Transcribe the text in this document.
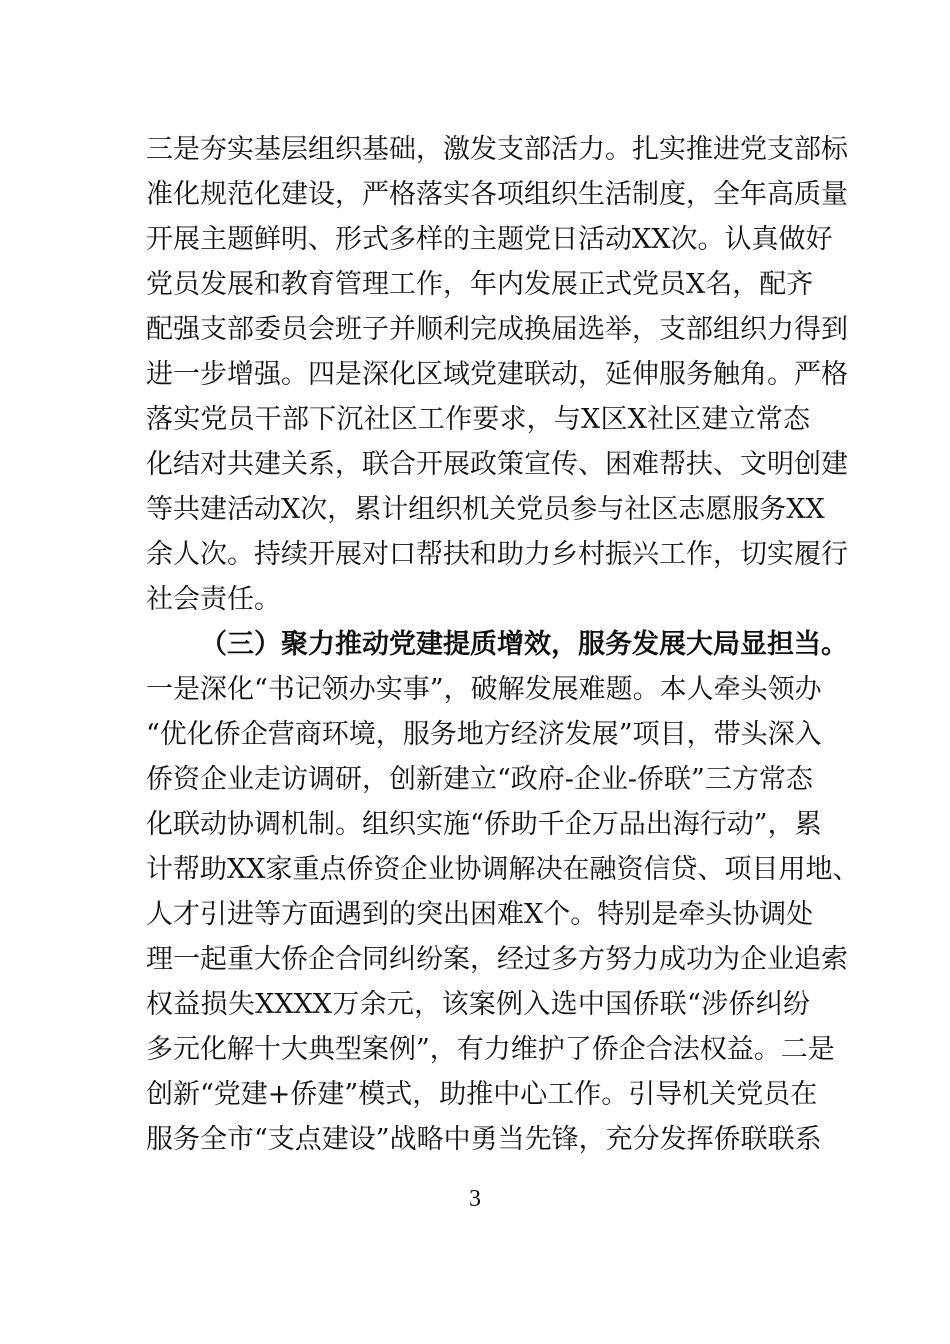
三是夯实基层组织基础，激发支部活力。扎实推进党支部标
准化规范化建设，严格落实各项组织生活制度，全年高质量
开展主题鲜明、形式多样的主题党日活动XX次。认真做好
党员发展和教育管理工作，年内发展正式党员X名，配齐
配强支部委员会班子并顺利完成换届选举，支部组织力得到
进一步增强。四是深化区域党建联动，延伸服务触角。严格
落实党员干部下沉社区工作要求，与X区X社区建立常态
化结对共建关系，联合开展政策宣传、困难帮扶、文明创建
等共建活动X次，累计组织机关党员参与社区志愿服务XX
余人次。持续开展对口帮扶和助力乡村振兴工作，切实履行
社会责任。
（三）聚力推动党建提质增效，服务发展大局显担当。
一是深化“书记领办实事”，破解发展难题。本人牵头领办
“优化侨企营商环境，服务地方经济发展”项目，带头深入
侨资企业走访调研，创新建立“政府-企业-侨联”三方常态
化联动协调机制。组织实施“侨助千企万品出海行动”，累
计帮助XX家重点侨资企业协调解决在融资信贷、项目用地、
人才引进等方面遇到的突出困难X个。特别是牵头协调处
理一起重大侨企合同纠纷案，经过多方努力成功为企业追索
权益损失XXXX万余元，该案例入选中国侨联“涉侨纠纷
多元化解十大典型案例”，有力维护了侨企合法权益。二是
创新“党建+侨建”模式，助推中心工作。引导机关党员在
服务全市“支点建设”战略中勇当先锋，充分发挥侨联联系
3
